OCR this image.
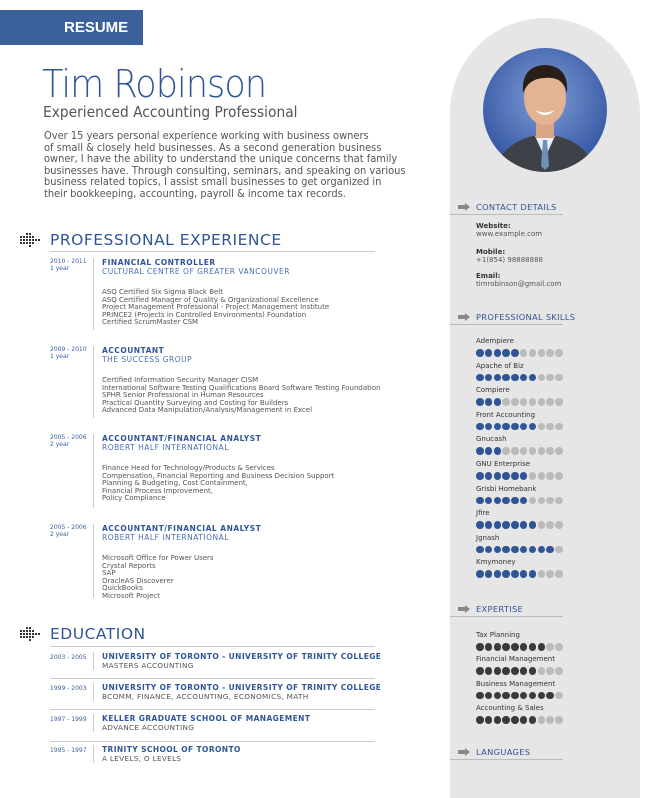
RESUME
Tim Robinson
Experienced Accounting Professional
Over 15 years personal experience working with business owners
of small & closely held businesses. As a second generation business
owner, I have the ability to understand the unique concerns that family
businesses have. Through consulting, seminars, and speaking on various
business related topics, I assist small businesses to get organized in
their bookkeeping, accounting, payroll & income tax records.
PROFESSIONAL EXPERIENCE
2010 - 2011
1 year
FINANCIAL CONTROLLER
CULTURAL CENTRE OF GREATER VANCOUVER
ASQ Certified Six Sigma Black Belt
ASQ Certified Manager of Quality & Organizational Excellence
Project Management Professional - Project Management Institute
PRINCE2 (Projects in Controlled Environments) Foundation
Certified ScrumMaster CSM
2009 - 2010
1 year
ACCOUNTANT
THE SUCCESS GROUP
Certified Information Security Manager CISM
International Software Testing Qualifications Board Software Testing Foundation
SPHR Senior Professional in Human Resources
Practical Quantity Surveying and Costing for Builders
Advanced Data Manipulation/Analysis/Management in Excel
2005 - 2006
2 year
ACCOUNTANT/FINANCIAL ANALYST
ROBERT HALF INTERNATIONAL
Finance Head for Technology/Products & Services
Compensation, Financial Reporting and Business Decision Support
Planning & Budgeting, Cost Containment,
Financial Process Improvement,
Policy Compliance
2005 - 2006
2 year
ACCOUNTANT/FINANCIAL ANALYST
ROBERT HALF INTERNATIONAL
Microsoft Office for Power Users
Crystal Reports
SAP
OracleAS Discoverer
QuickBooks
Microsoft Project
EDUCATION
2003 - 2005 UNIVERSITY OF TORONTO - UNIVERSITY OF TRINITY COLLEGE
MASTERS ACCOUNTING
1999 - 2003 UNIVERSITY OF TORONTO - UNIVERSITY OF TRINITY COLLEGE
BCOMM, FINANCE, ACCOUNTING, ECONOMICS, MATH
1997 - 1999 KELLER GRADUATE SCHOOL OF MANAGEMENT
ADVANCE ACCOUNTING
1995 - 1997 TRINITY SCHOOL OF TORONTO
A LEVELS, O LEVELS
CONTACT DETAILS
Website:
www.example.com
Mobile:
+1(854) 98888888
Email:
timrobinson@gmail.com
PROFESSIONAL SKILLS
Adempiere
Apache of Biz
Compiere
Front Accounting
Gnucash
GNU Enterprise
Grisbi Homebank
Jfire
Jgnash
Kmymoney
EXPERTISE
Tax Planning
Financial Management
Business Management
Accounting & Sales
LANGUAGES
